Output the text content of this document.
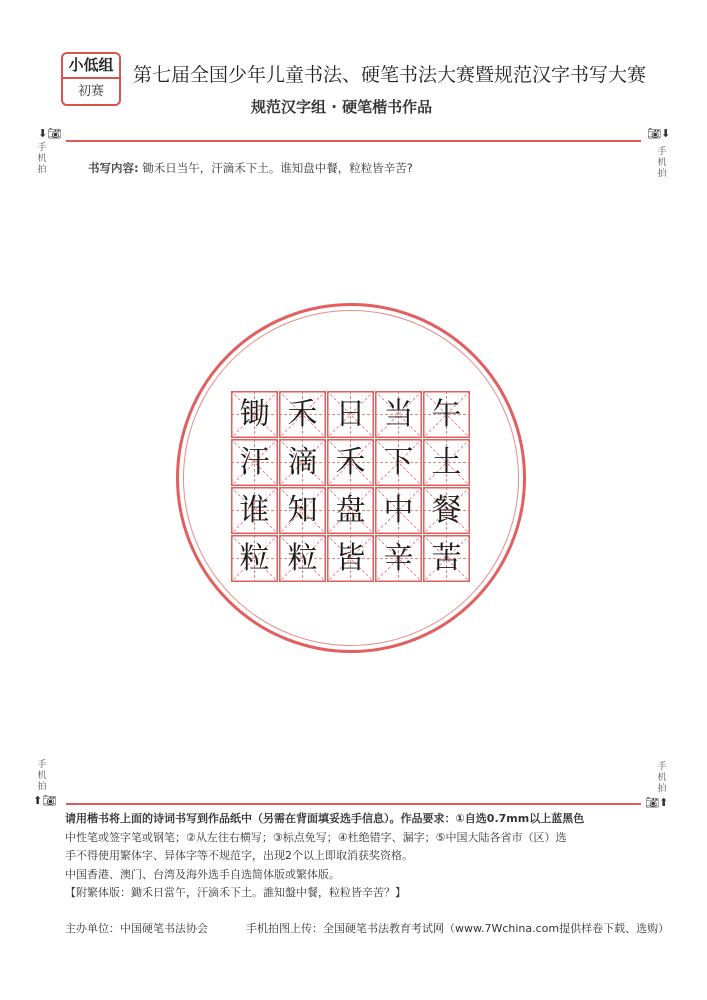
小低组
初赛
第七届全国少年儿童书法、硬笔书法大赛暨规范汉字书写大赛
规范汉字组 · 硬笔楷书作品
⬇📷︎
手
机
拍
📷︎⬇
手
机
拍
书写内容: 锄禾日当午，汗滴禾下土。谁知盘中餐，粒粒皆辛苦?
锄 禾 日 当 午
汗 滴 禾 下 土
谁 知 盘 中 餐
粒 粒 皆 辛 苦
手
机
拍
⬆📷︎
手
机
拍
📷︎⬆

请用楷书将上面的诗词书写到作品纸中（另需在背面填妥选手信息）。作品要求：①自选0.7mm以上蓝黑色

中性笔或签字笔或钢笔；②从左往右横写；③标点免写；④杜绝错字、漏字；⑤中国大陆各省市（区）选

手不得使用繁体字、异体字等不规范字，出现2个以上即取消获奖资格。

中国香港、澳门、台湾及海外选手自选简体版或繁体版。

【附繁体版：鋤禾日當午，汗滴禾下土。誰知盤中餐，粒粒皆辛苦？】

主办单位：中国硬笔书法协会	手机拍图上传：全国硬笔书法教育考试网（www.7Wchina.com提供样卷下载、选购）
